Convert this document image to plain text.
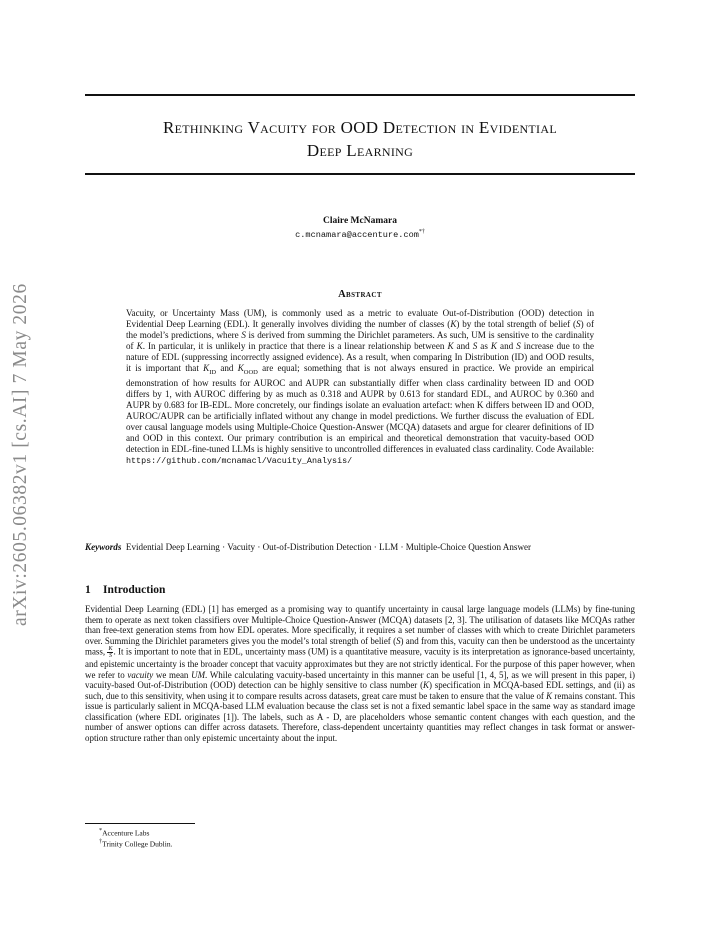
arXiv:2605.06382v1 [cs.AI] 7 May 2026
Rethinking Vacuity for OOD Detection in Evidential
Deep Learning
Claire McNamara
c.mcnamara@accenture.com*†
Abstract
Vacuity, or Uncertainty Mass (UM), is commonly used as a metric to evaluate Out-of-Distribution (OOD) detection in Evidential Deep Learning (EDL). It generally involves dividing the number of classes (K) by the total strength of belief (S) of the model’s predictions, where S is derived from summing the Dirichlet parameters. As such, UM is sensitive to the cardinality of K. In particular, it is unlikely in practice that there is a linear relationship between K and S as K and S increase due to the nature of EDL (suppressing incorrectly assigned evidence). As a result, when comparing In Distribution (ID) and OOD results, it is important that $K_{ID}$ and $K_{OOD}$ are equal; something that is not always ensured in practice. We provide an empirical demonstration of how results for AUROC and AUPR can substantially differ when class cardinality between ID and OOD differs by 1, with AUROC differing by as much as 0.318 and AUPR by 0.613 for standard EDL, and AUROC by 0.360 and AUPR by 0.683 for IB-EDL. More concretely, our findings isolate an evaluation artefact: when K differs between ID and OOD, AUROC/AUPR can be artificially inflated without any change in model predictions. We further discuss the evaluation of EDL over causal language models using Multiple-Choice Question-Answer (MCQA) datasets and argue for clearer definitions of ID and OOD in this context. Our primary contribution is an empirical and theoretical demonstration that vacuity-based OOD detection in EDL-fine-tuned LLMs is highly sensitive to uncontrolled differences in evaluated class cardinality. Code Available: https://github.com/mcnamacl/Vacuity_Analysis/
Keywords Evidential Deep Learning · Vacuity · Out-of-Distribution Detection · LLM · Multiple-Choice Question Answer
1 Introduction
Evidential Deep Learning (EDL) [1] has emerged as a promising way to quantify uncertainty in causal large language models (LLMs) by fine-tuning them to operate as next token classifiers over Multiple-Choice Question-Answer (MCQA) datasets [2, 3]. The utilisation of datasets like MCQAs rather than free-text generation stems from how EDL operates. More specifically, it requires a set number of classes with which to create Dirichlet parameters over. Summing the Dirichlet parameters gives you the model’s total strength of belief (S) and from this, vacuity can then be understood as the uncertainty mass, $\frac{K}{S}$. It is important to note that in EDL, uncertainty mass (UM) is a quantitative measure, vacuity is its interpretation as ignorance-based uncertainty, and epistemic uncertainty is the broader concept that vacuity approximates but they are not strictly identical. For the purpose of this paper however, when we refer to vacuity we mean UM. While calculating vacuity-based uncertainty in this manner can be useful [1, 4, 5], as we will present in this paper, i) vacuity-based Out-of-Distribution (OOD) detection can be highly sensitive to class number (K) specification in MCQA-based EDL settings, and (ii) as such, due to this sensitivity, when using it to compare results across datasets, great care must be taken to ensure that the value of K remains constant. This issue is particularly salient in MCQA-based LLM evaluation because the class set is not a fixed semantic label space in the same way as standard image classification (where EDL originates [1]). The labels, such as A - D, are placeholders whose semantic content changes with each question, and the number of answer options can differ across datasets. Therefore, class-dependent uncertainty quantities may reflect changes in task format or answer-option structure rather than only epistemic uncertainty about the input.
*Accenture Labs
†Trinity College Dublin.
